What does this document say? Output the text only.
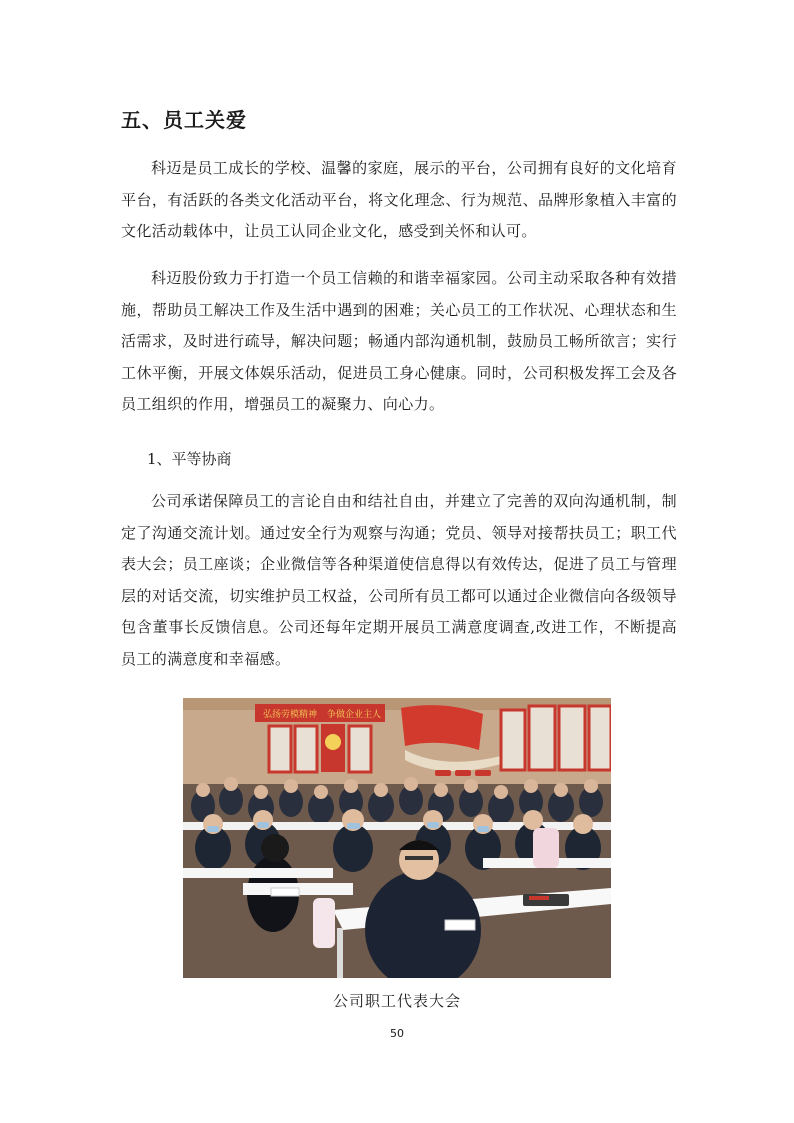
五、员工关爱

科迈是员工成长的学校、温馨的家庭，展示的平台，公司拥有良好的文化培育平台，有活跃的各类文化活动平台，将文化理念、行为规范、品牌形象植入丰富的文化活动载体中，让员工认同企业文化，感受到关怀和认可。

科迈股份致力于打造一个员工信赖的和谐幸福家园。公司主动采取各种有效措施，帮助员工解决工作及生活中遇到的困难；关心员工的工作状况、心理状态和生活需求，及时进行疏导，解决问题；畅通内部沟通机制，鼓励员工畅所欲言；实行工休平衡，开展文体娱乐活动，促进员工身心健康。同时，公司积极发挥工会及各员工组织的作用，增强员工的凝聚力、向心力。

1、平等协商

公司承诺保障员工的言论自由和结社自由，并建立了完善的双向沟通机制，制定了沟通交流计划。通过安全行为观察与沟通；党员、领导对接帮扶员工；职工代表大会；员工座谈；企业微信等各种渠道使信息得以有效传达，促进了员工与管理层的对话交流，切实维护员工权益，公司所有员工都可以通过企业微信向各级领导包含董事长反馈信息。公司还每年定期开展员工满意度调查,改进工作，不断提高员工的满意度和幸福感。

弘扬劳模精神 争做企业主人
公司职工代表大会
50
